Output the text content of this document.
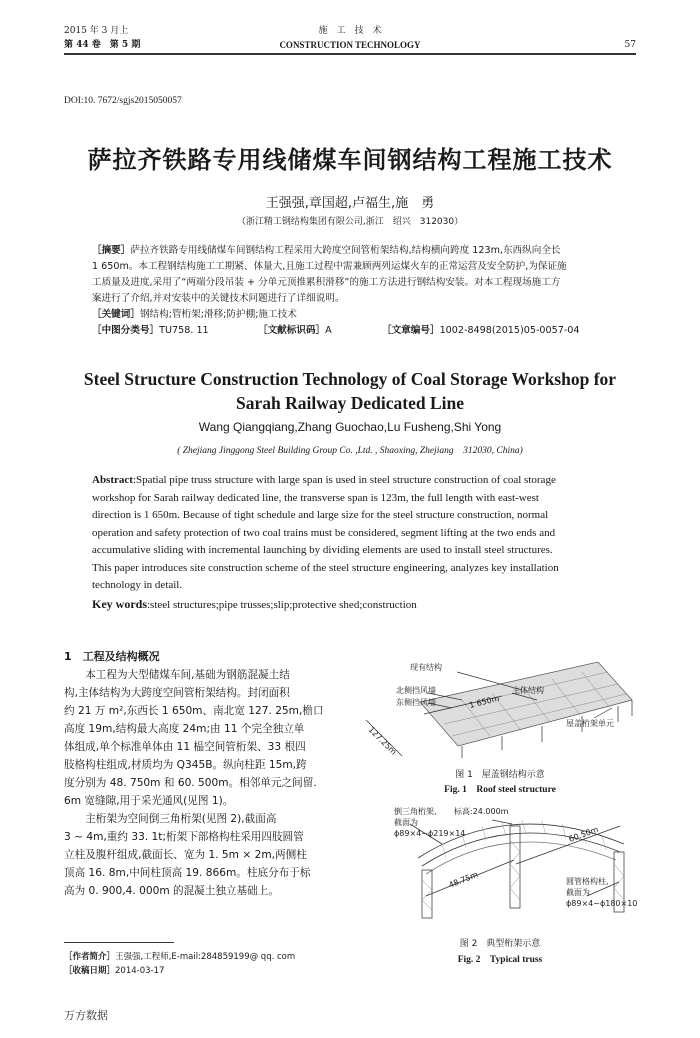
2015 年 3 月上
第 44 卷　第 5 期
施　工　技　术
CONSTRUCTION TECHNOLOGY	57
DOI:10. 7672/sgjs2015050057
萨拉齐铁路专用线储煤车间钢结构工程施工技术
王强强,章国超,卢福生,施　勇
（浙江精工钢结构集团有限公司,浙江　绍兴　312030）
［摘要］萨拉齐铁路专用线储煤车间钢结构工程采用大跨度空间管桁架结构,结构横向跨度 123m,东西纵向全长
1 650m。本工程钢结构施工工期紧、体量大,且施工过程中需兼顾两列运煤火车的正常运营及安全防护,为保证施
工质量及进度,采用了“两端分段吊装 + 分单元顶推累积滑移”的施工方法进行钢结构安装。对本工程现场施工方
案进行了介绍,并对安装中的关键技术问题进行了详细说明。
［关键词］钢结构;管桁架;滑移;防护棚;施工技术
［中图分类号］TU758. 11	［文献标识码］A	［文章编号］1002-8498(2015)05-0057-04
Steel Structure Construction Technology of Coal Storage Workshop for
Sarah Railway Dedicated Line
Wang Qiangqiang,Zhang Guochao,Lu Fusheng,Shi Yong
( Zhejiang Jinggong Steel Building Group Co. ,Ltd. , Shaoxing, Zhejiang　312030, China)
Abstract:Spatial pipe truss structure with large span is used in steel structure construction of coal storage
workshop for Sarah railway dedicated line, the transverse span is 123m, the full length with east-west
direction is 1 650m. Because of tight schedule and large size for the steel structure construction, normal
operation and safety protection of two coal trains must be considered, segment lifting at the two ends and
accumulative sliding with incremental launching by dividing elements are used to install steel structures.
This paper introduces site construction scheme of the steel structure engineering, analyzes key installation
technology in detail.
Key words:steel structures;pipe trusses;slip;protective shed;construction
1　工程及结构概况
本工程为大型储煤车间,基础为钢筋混凝土结
构,主体结构为大跨度空间管桁架结构。封闭面积
约 21 万 m²,东西长 1 650m、南北宽 127. 25m,檐口
高度 19m,结构最大高度 24m;由 11 个完全独立单
体组成,单个标准单体由 11 榀空间管桁架、33 根四
肢格构柱组成,材质均为 Q345B。纵向柱距 15m,跨
度分别为 48. 750m 和 60. 500m。相邻单元之间留.
6m 宽缝隙,用于采光通风(见图 1)。
主桁架为空间倒三角桁架(见图 2),截面高
3 ~ 4m,重约 33. 1t;桁架下部格构柱采用四肢圆管
立柱及腹杆组成,截面长、宽为 1. 5m × 2m,两侧柱
顶高 16. 8m,中间柱顶高 19. 866m。柱底分布于标
高为 0. 900,4. 000m 的混凝土独立基础上。
［作者简介］王强强,工程师,E-mail:284859199@ qq. com
［收稿日期］2014-03-17
万方数据
现有结构
北侧挡风墙
东侧挡风墙
主体结构
1 650m
127.25m
屋盖桁架单元
图 1　屋盖钢结构示意
Fig. 1　Roof steel structure
倒三角桁架,
截面为
ϕ89×4~ϕ219×14
标高:24.000m
60.50m
48.75m	圆管格构柱,
截面为
ϕ89×4~ϕ180×10
图 2　典型桁架示意
Fig. 2　Typical truss
